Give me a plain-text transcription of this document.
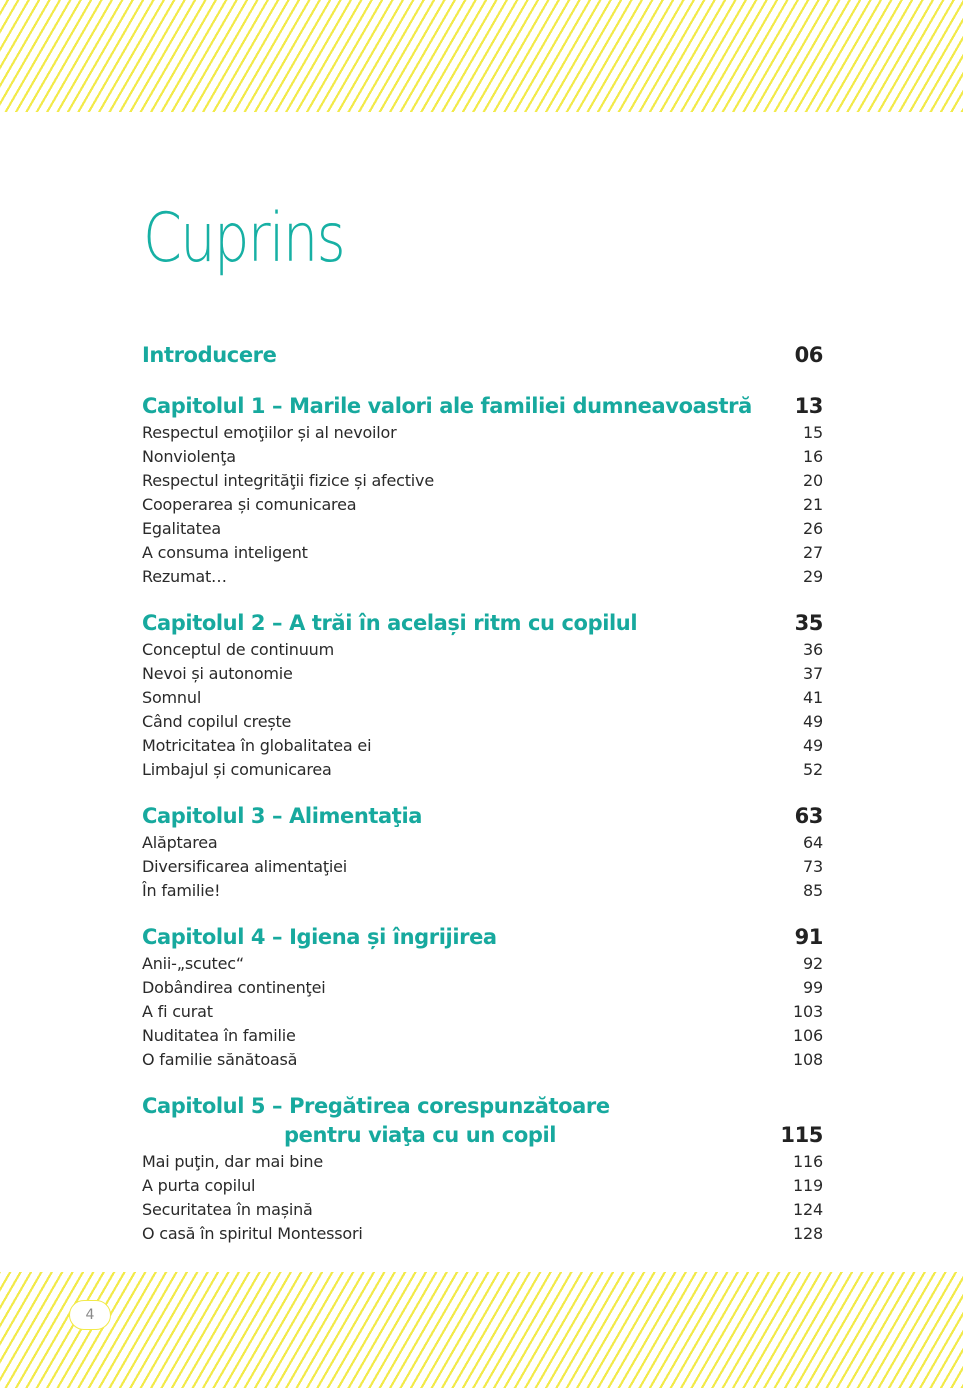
Cuprins
Introducere	06
Capitolul 1 – Marile valori ale familiei dumneavoastră 13
Respectul emoţiilor și al nevoilor	15
Nonviolenţa	16
Respectul integrităţii fizice și afective	20
Cooperarea și comunicarea	21
Egalitatea	26
A consuma inteligent	27
Rezumat…	29
Capitolul 2 – A trăi în același ritm cu copilul	35
Conceptul de continuum	36
Nevoi și autonomie	37
Somnul	41
Când copilul crește	49
Motricitatea în globalitatea ei	49
Limbajul și comunicarea	52
Capitolul 3 – Alimentaţia	63
Alăptarea	64
Diversificarea alimentaţiei	73
În familie!	85
Capitolul 4 – Igiena și îngrijirea	91
Anii-„scutec“	92
Dobândirea continenţei	99
A fi curat	103
Nuditatea în familie	106
O familie sănătoasă	108
Capitolul 5 – Pregătirea corespunzătoare
pentru viaţa cu un copil	115
Mai puţin, dar mai bine	116
A purta copilul	119
Securitatea în mașină	124
O casă în spiritul Montessori	128
4
